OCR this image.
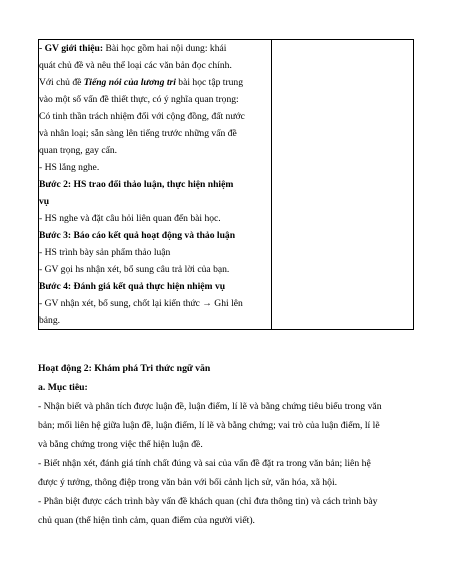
- GV giới thiệu: Bài học gồm hai nội dung: khái

quát chủ đề và nêu thể loại các văn bản đọc chính.

Với chủ đề Tiếng nói của lương tri bài học tập trung

vào một số vấn đề thiết thực, có ý nghĩa quan trọng:

Có tinh thần trách nhiệm đối với cộng đồng, đất nước

và nhân loại; sẵn sàng lên tiếng trước những vấn đề

quan trọng, gay cấn.

- HS lắng nghe.

Bước 2: HS trao đổi thảo luận, thực hiện nhiệm

vụ

- HS nghe và đặt câu hỏi liên quan đến bài học.

Bước 3: Báo cáo kết quả hoạt động và thảo luận

- HS trình bày sản phẩm thảo luận

- GV gọi hs nhận xét, bổ sung câu trả lời của bạn.

Bước 4: Đánh giá kết quả thực hiện nhiệm vụ

- GV nhận xét, bổ sung, chốt lại kiến thức → Ghi lên

bảng.

Hoạt động 2: Khám phá Tri thức ngữ văn

a. Mục tiêu:

- Nhận biết và phân tích được luận đề, luận điểm, lí lẽ và bằng chứng tiêu biểu trong văn

bản; mối liên hệ giữa luận đề, luận điểm, lí lẽ và bằng chứng; vai trò của luận điểm, lí lẽ

và bằng chứng trong việc thể hiện luận đề.

- Biết nhận xét, đánh giá tính chất đúng và sai của vấn đề đặt ra trong văn bản; liên hệ

được ý tưởng, thông điệp trong văn bản với bối cảnh lịch sử, văn hóa, xã hội.

- Phân biệt được cách trình bày vấn đề khách quan (chỉ đưa thông tin) và cách trình bày

chủ quan (thể hiện tình cảm, quan điểm của người viết).
